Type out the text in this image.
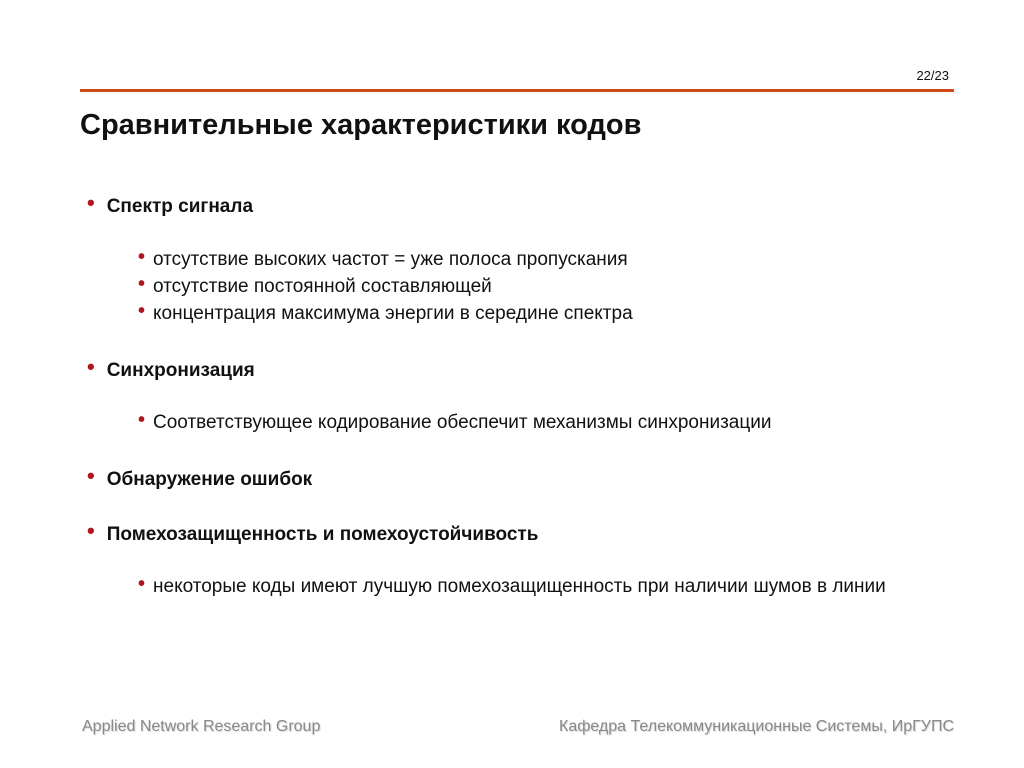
22/23
Сравнительные характеристики кодов
• Спектр сигнала
• отсутствие высоких частот = уже полоса пропускания
• отсутствие постоянной составляющей
• концентрация максимума энергии в середине спектра
• Синхронизация
• Соответствующее кодирование обеспечит механизмы синхронизации
• Обнаружение ошибок
• Помехозащищенность и помехоустойчивость
• некоторые коды имеют лучшую помехозащищенность при наличии шумов в линии
Applied Network Research Group	Кафедра Телекоммуникационные Системы, ИрГУПС
